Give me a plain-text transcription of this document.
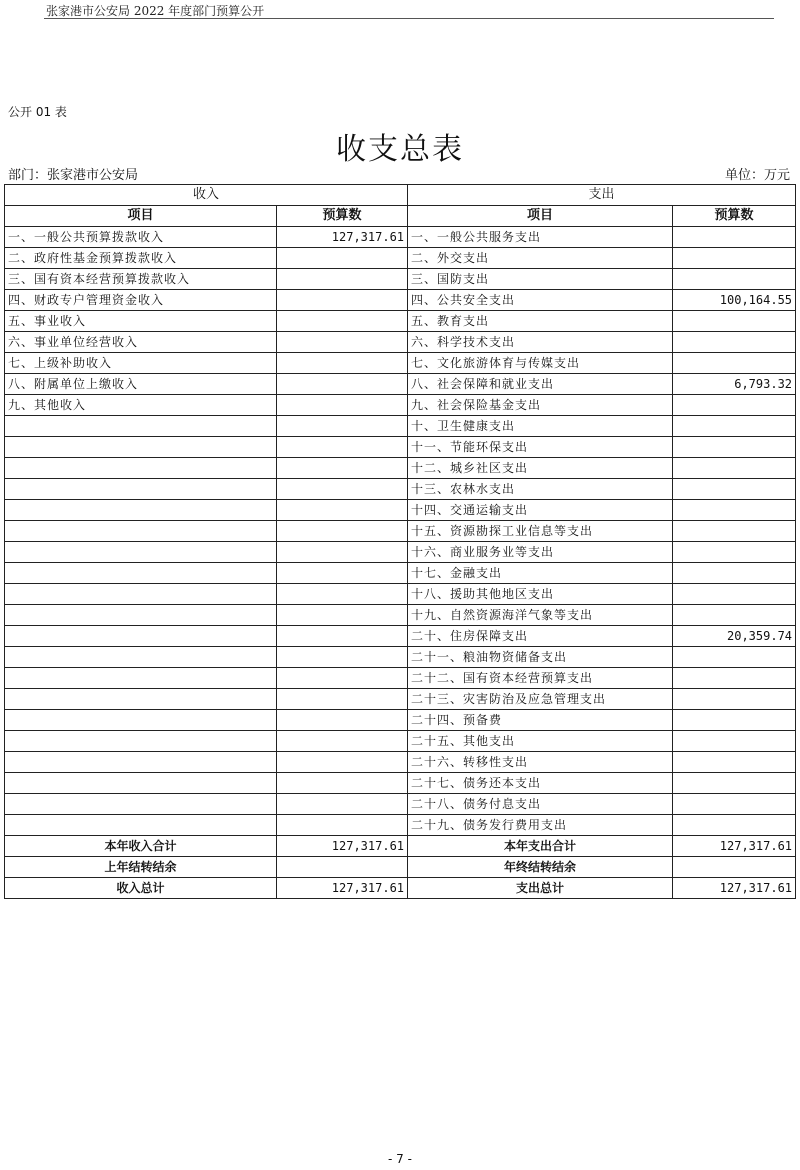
张家港市公安局 2022 年度部门预算公开
公开 01 表
收支总表
部门：张家港市公安局	单位：万元
收入		支出	
项目	预算数	项目	预算数
一、一般公共预算拨款收入	127,317.61	一、一般公共服务支出	
二、政府性基金预算拨款收入		二、外交支出	
三、国有资本经营预算拨款收入		三、国防支出	
四、财政专户管理资金收入		四、公共安全支出	100,164.55
五、事业收入		五、教育支出	
六、事业单位经营收入		六、科学技术支出	
七、上级补助收入		七、文化旅游体育与传媒支出	
八、附属单位上缴收入		八、社会保障和就业支出	6,793.32
九、其他收入		九、社会保险基金支出	
		十、卫生健康支出	
		十一、节能环保支出	
		十二、城乡社区支出	
		十三、农林水支出	
		十四、交通运输支出	
		十五、资源勘探工业信息等支出	
		十六、商业服务业等支出	
		十七、金融支出	
		十八、援助其他地区支出	
		十九、自然资源海洋气象等支出	
		二十、住房保障支出	20,359.74
		二十一、粮油物资储备支出	
		二十二、国有资本经营预算支出	
		二十三、灾害防治及应急管理支出	
		二十四、预备费	
		二十五、其他支出	
		二十六、转移性支出	
		二十七、债务还本支出	
		二十八、债务付息支出	
		二十九、债务发行费用支出	
本年收入合计	127,317.61	本年支出合计	127,317.61
上年结转结余		年终结转结余	
收入总计	127,317.61	支出总计	127,317.61
- 7 -
